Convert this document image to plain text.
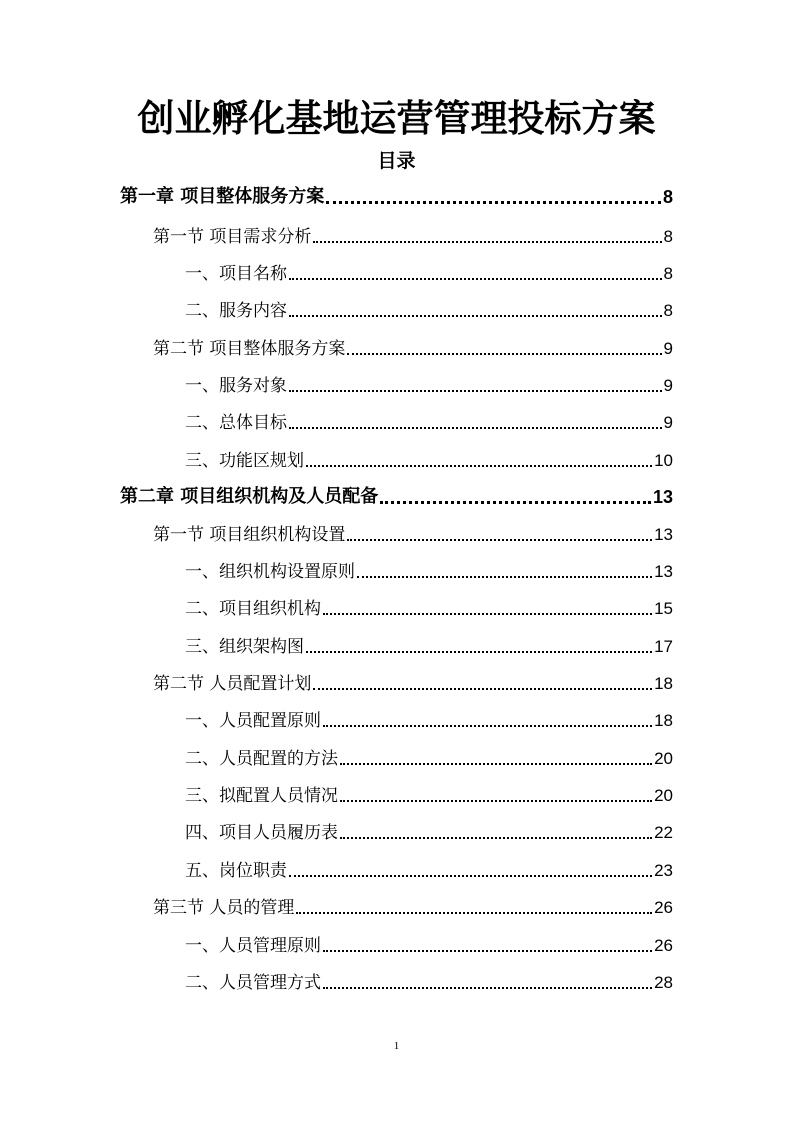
创业孵化基地运营管理投标方案
目录
第一章 项目整体服务方案	8
第一节 项目需求分析	8
一、项目名称	8
二、服务内容	8
第二节 项目整体服务方案	9
一、服务对象	9
二、总体目标	9
三、功能区规划	10
第二章 项目组织机构及人员配备	13
第一节 项目组织机构设置	13
一、组织机构设置原则	13
二、项目组织机构	15
三、组织架构图	17
第二节 人员配置计划	18
一、人员配置原则	18
二、人员配置的方法	20
三、拟配置人员情况	20
四、项目人员履历表	22
五、岗位职责	23
第三节 人员的管理	26
一、人员管理原则	26
二、人员管理方式	28
1
